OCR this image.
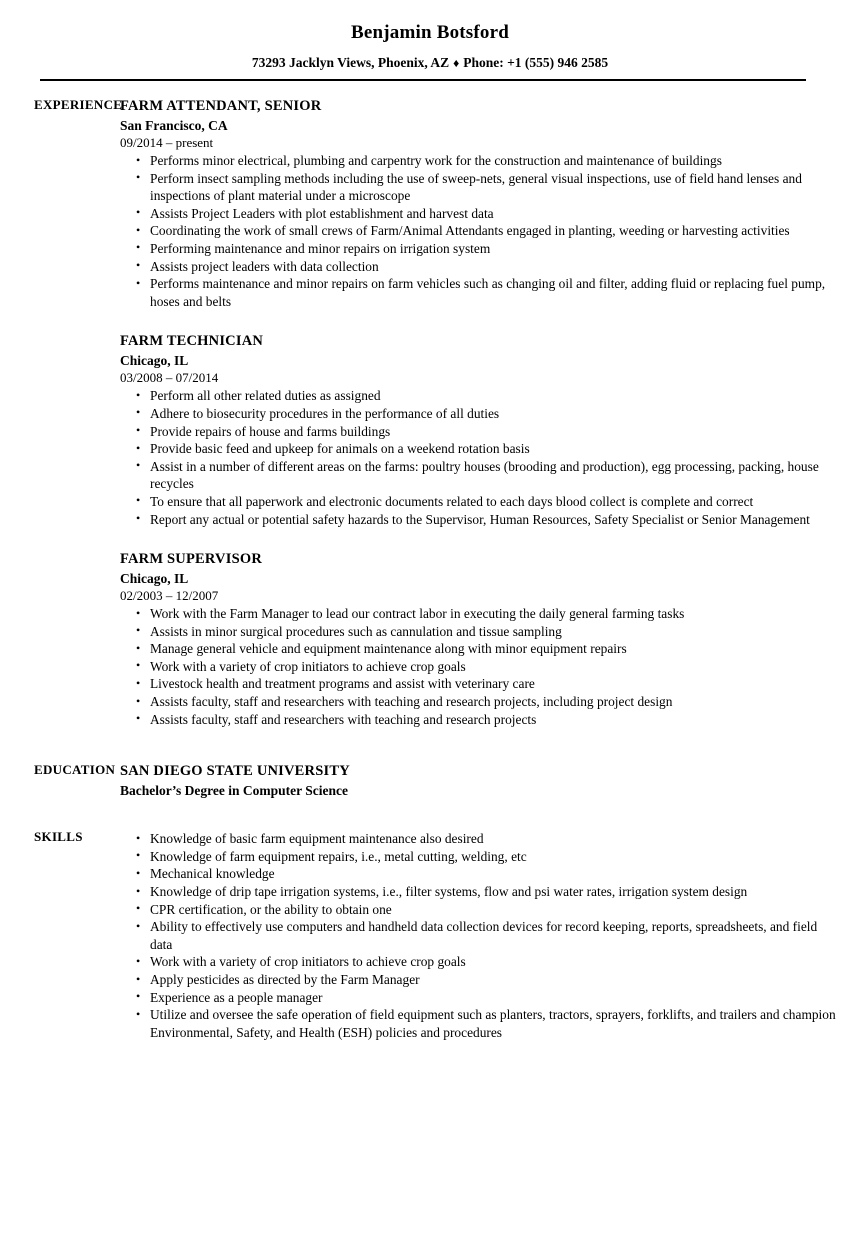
Benjamin Botsford
73293 Jacklyn Views, Phoenix, AZ ♦ Phone: +1 (555) 946 2585
EXPERIENCE
FARM ATTENDANT, SENIOR
San Francisco, CA
09/2014 – present
• Performs minor electrical, plumbing and carpentry work for the construction and maintenance of buildings
• Perform insect sampling methods including the use of sweep-nets, general visual inspections, use of field hand lenses and inspections of plant material under a microscope
• Assists Project Leaders with plot establishment and harvest data
• Coordinating the work of small crews of Farm/Animal Attendants engaged in planting, weeding or harvesting activities
• Performing maintenance and minor repairs on irrigation system
• Assists project leaders with data collection
• Performs maintenance and minor repairs on farm vehicles such as changing oil and filter, adding fluid or replacing fuel pump, hoses and belts
FARM TECHNICIAN
Chicago, IL
03/2008 – 07/2014
• Perform all other related duties as assigned
• Adhere to biosecurity procedures in the performance of all duties
• Provide repairs of house and farms buildings
• Provide basic feed and upkeep for animals on a weekend rotation basis
• Assist in a number of different areas on the farms: poultry houses (brooding and production), egg processing, packing, house recycles
• To ensure that all paperwork and electronic documents related to each days blood collect is complete and correct
• Report any actual or potential safety hazards to the Supervisor, Human Resources, Safety Specialist or Senior Management
FARM SUPERVISOR
Chicago, IL
02/2003 – 12/2007
• Work with the Farm Manager to lead our contract labor in executing the daily general farming tasks
• Assists in minor surgical procedures such as cannulation and tissue sampling
• Manage general vehicle and equipment maintenance along with minor equipment repairs
• Work with a variety of crop initiators to achieve crop goals
• Livestock health and treatment programs and assist with veterinary care
• Assists faculty, staff and researchers with teaching and research projects, including project design
• Assists faculty, staff and researchers with teaching and research projects
EDUCATION SAN DIEGO STATE UNIVERSITY
Bachelor’s Degree in Computer Science
SKILLS	• Knowledge of basic farm equipment maintenance also desired
• Knowledge of farm equipment repairs, i.e., metal cutting, welding, etc
• Mechanical knowledge
• Knowledge of drip tape irrigation systems, i.e., filter systems, flow and psi water rates, irrigation system design
• CPR certification, or the ability to obtain one
• Ability to effectively use computers and handheld data collection devices for record keeping, reports, spreadsheets, and field data
• Work with a variety of crop initiators to achieve crop goals
• Apply pesticides as directed by the Farm Manager
• Experience as a people manager
• Utilize and oversee the safe operation of field equipment such as planters, tractors, sprayers, forklifts, and trailers and champion Environmental, Safety, and Health (ESH) policies and procedures
